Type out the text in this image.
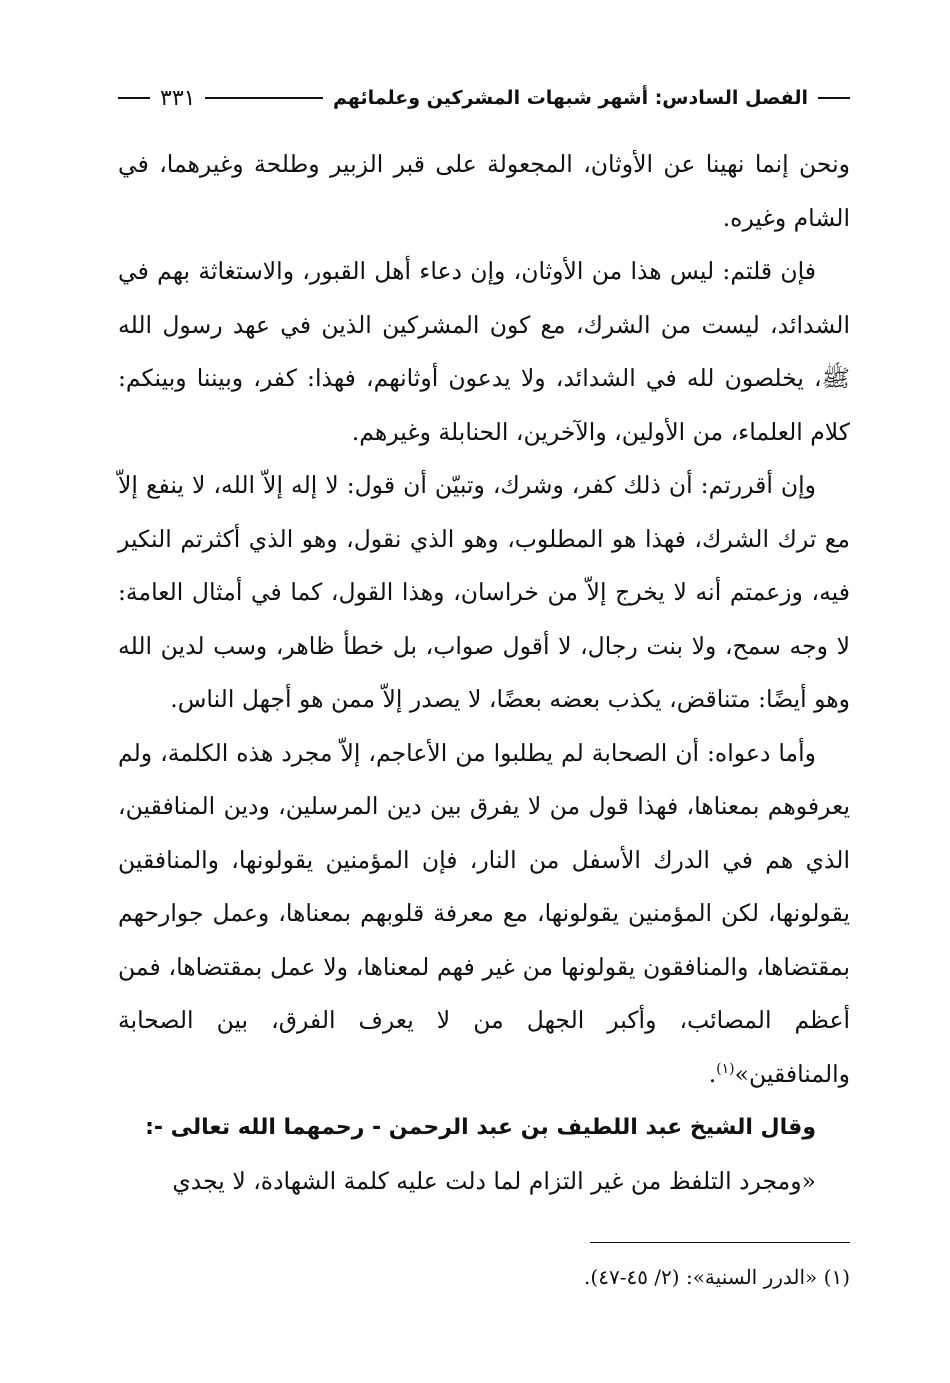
الفصل السادس: أشهر شبهات المشركين وعلمائهم
٣٣١

ونحن إنما نهينا عن الأوثان، المجعولة على قبر الزبير وطلحة وغيرهما، في الشام وغيره.

فإن قلتم: ليس هذا من الأوثان، وإن دعاء أهل القبور، والاستغاثة بهم في الشدائد، ليست من الشرك، مع كون المشركين الذين في عهد رسول الله ﷺ، يخلصون لله في الشدائد، ولا يدعون أوثانهم، فهذا: كفر، وبيننا وبينكم: كلام العلماء، من الأولين، والآخرين، الحنابلة وغيرهم.

وإن أقررتم: أن ذلك كفر، وشرك، وتبيّن أن قول: لا إله إلاّ الله، لا ينفع إلاّ مع ترك الشرك، فهذا هو المطلوب، وهو الذي نقول، وهو الذي أكثرتم النكير فيه، وزعمتم أنه لا يخرج إلاّ من خراسان، وهذا القول، كما في أمثال العامة: لا وجه سمح، ولا بنت رجال، لا أقول صواب، بل خطأ ظاهر، وسب لدين الله وهو أيضًا: متناقض، يكذب بعضه بعضًا، لا يصدر إلاّ ممن هو أجهل الناس.

وأما دعواه: أن الصحابة لم يطلبوا من الأعاجم، إلاّ مجرد هذه الكلمة، ولم يعرفوهم بمعناها، فهذا قول من لا يفرق بين دين المرسلين، ودين المنافقين، الذي هم في الدرك الأسفل من النار، فإن المؤمنين يقولونها، والمنافقين يقولونها، لكن المؤمنين يقولونها، مع معرفة قلوبهم بمعناها، وعمل جوارحهم بمقتضاها، والمنافقون يقولونها من غير فهم لمعناها، ولا عمل بمقتضاها، فمن أعظم المصائب، وأكبر الجهل من لا يعرف الفرق، بين الصحابة والمنافقين»$^{(١)}$.

وقال الشيخ عبد اللطيف بن عبد الرحمن - رحمهما الله تعالى -:

«ومجرد التلفظ من غير التزام لما دلت عليه كلمة الشهادة، لا يجدي

(١) «الدرر السنية»: (٢/ ٤٥-٤٧).
